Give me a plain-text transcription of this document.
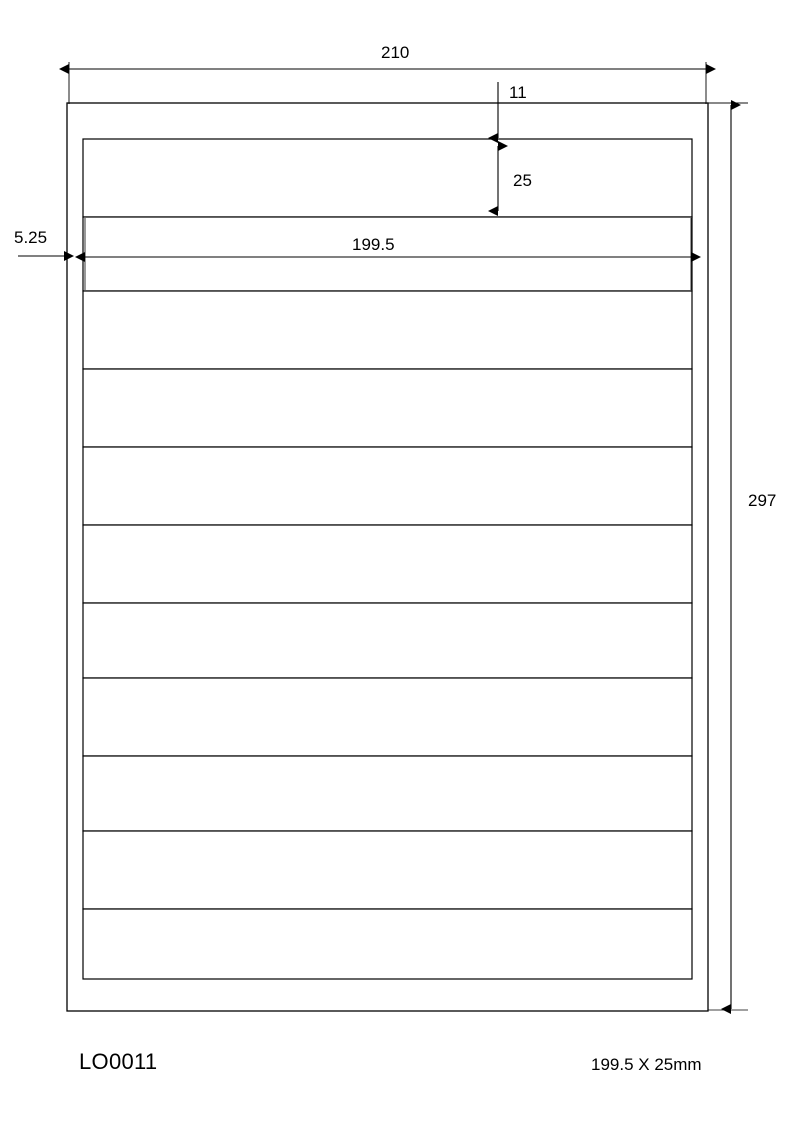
210
11
25
5.25	199.5
297
LO0011	199.5 X 25mm
